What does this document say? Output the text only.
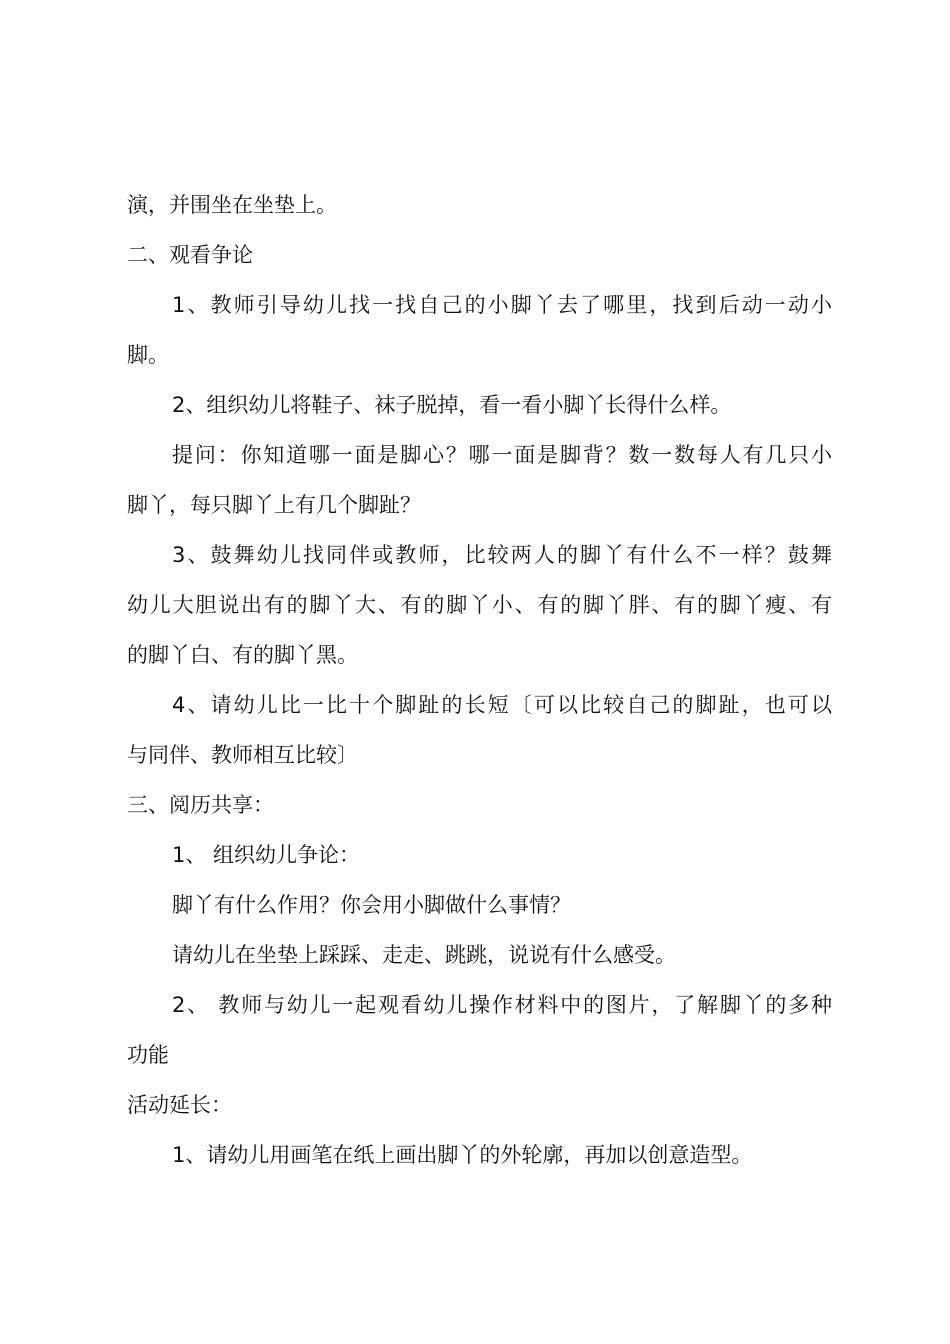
演，并围坐在坐垫上。
二、观看争论
1、教师引导幼儿找一找自己的小脚丫去了哪里，找到后动一动小
脚。
2、组织幼儿将鞋子、袜子脱掉，看一看小脚丫长得什么样。
提问：你知道哪一面是脚心？哪一面是脚背？数一数每人有几只小
脚丫，每只脚丫上有几个脚趾？
3、鼓舞幼儿找同伴或教师，比较两人的脚丫有什么不一样？鼓舞
幼儿大胆说出有的脚丫大、有的脚丫小、有的脚丫胖、有的脚丫瘦、有
的脚丫白、有的脚丫黑。
4、请幼儿比一比十个脚趾的长短〔可以比较自己的脚趾，也可以
与同伴、教师相互比较〕
三、阅历共享：
1、 组织幼儿争论：
脚丫有什么作用？你会用小脚做什么事情？
请幼儿在坐垫上踩踩、走走、跳跳，说说有什么感受。
2、 教师与幼儿一起观看幼儿操作材料中的图片，了解脚丫的多种
功能
活动延长：
1、请幼儿用画笔在纸上画出脚丫的外轮廓，再加以创意造型。
